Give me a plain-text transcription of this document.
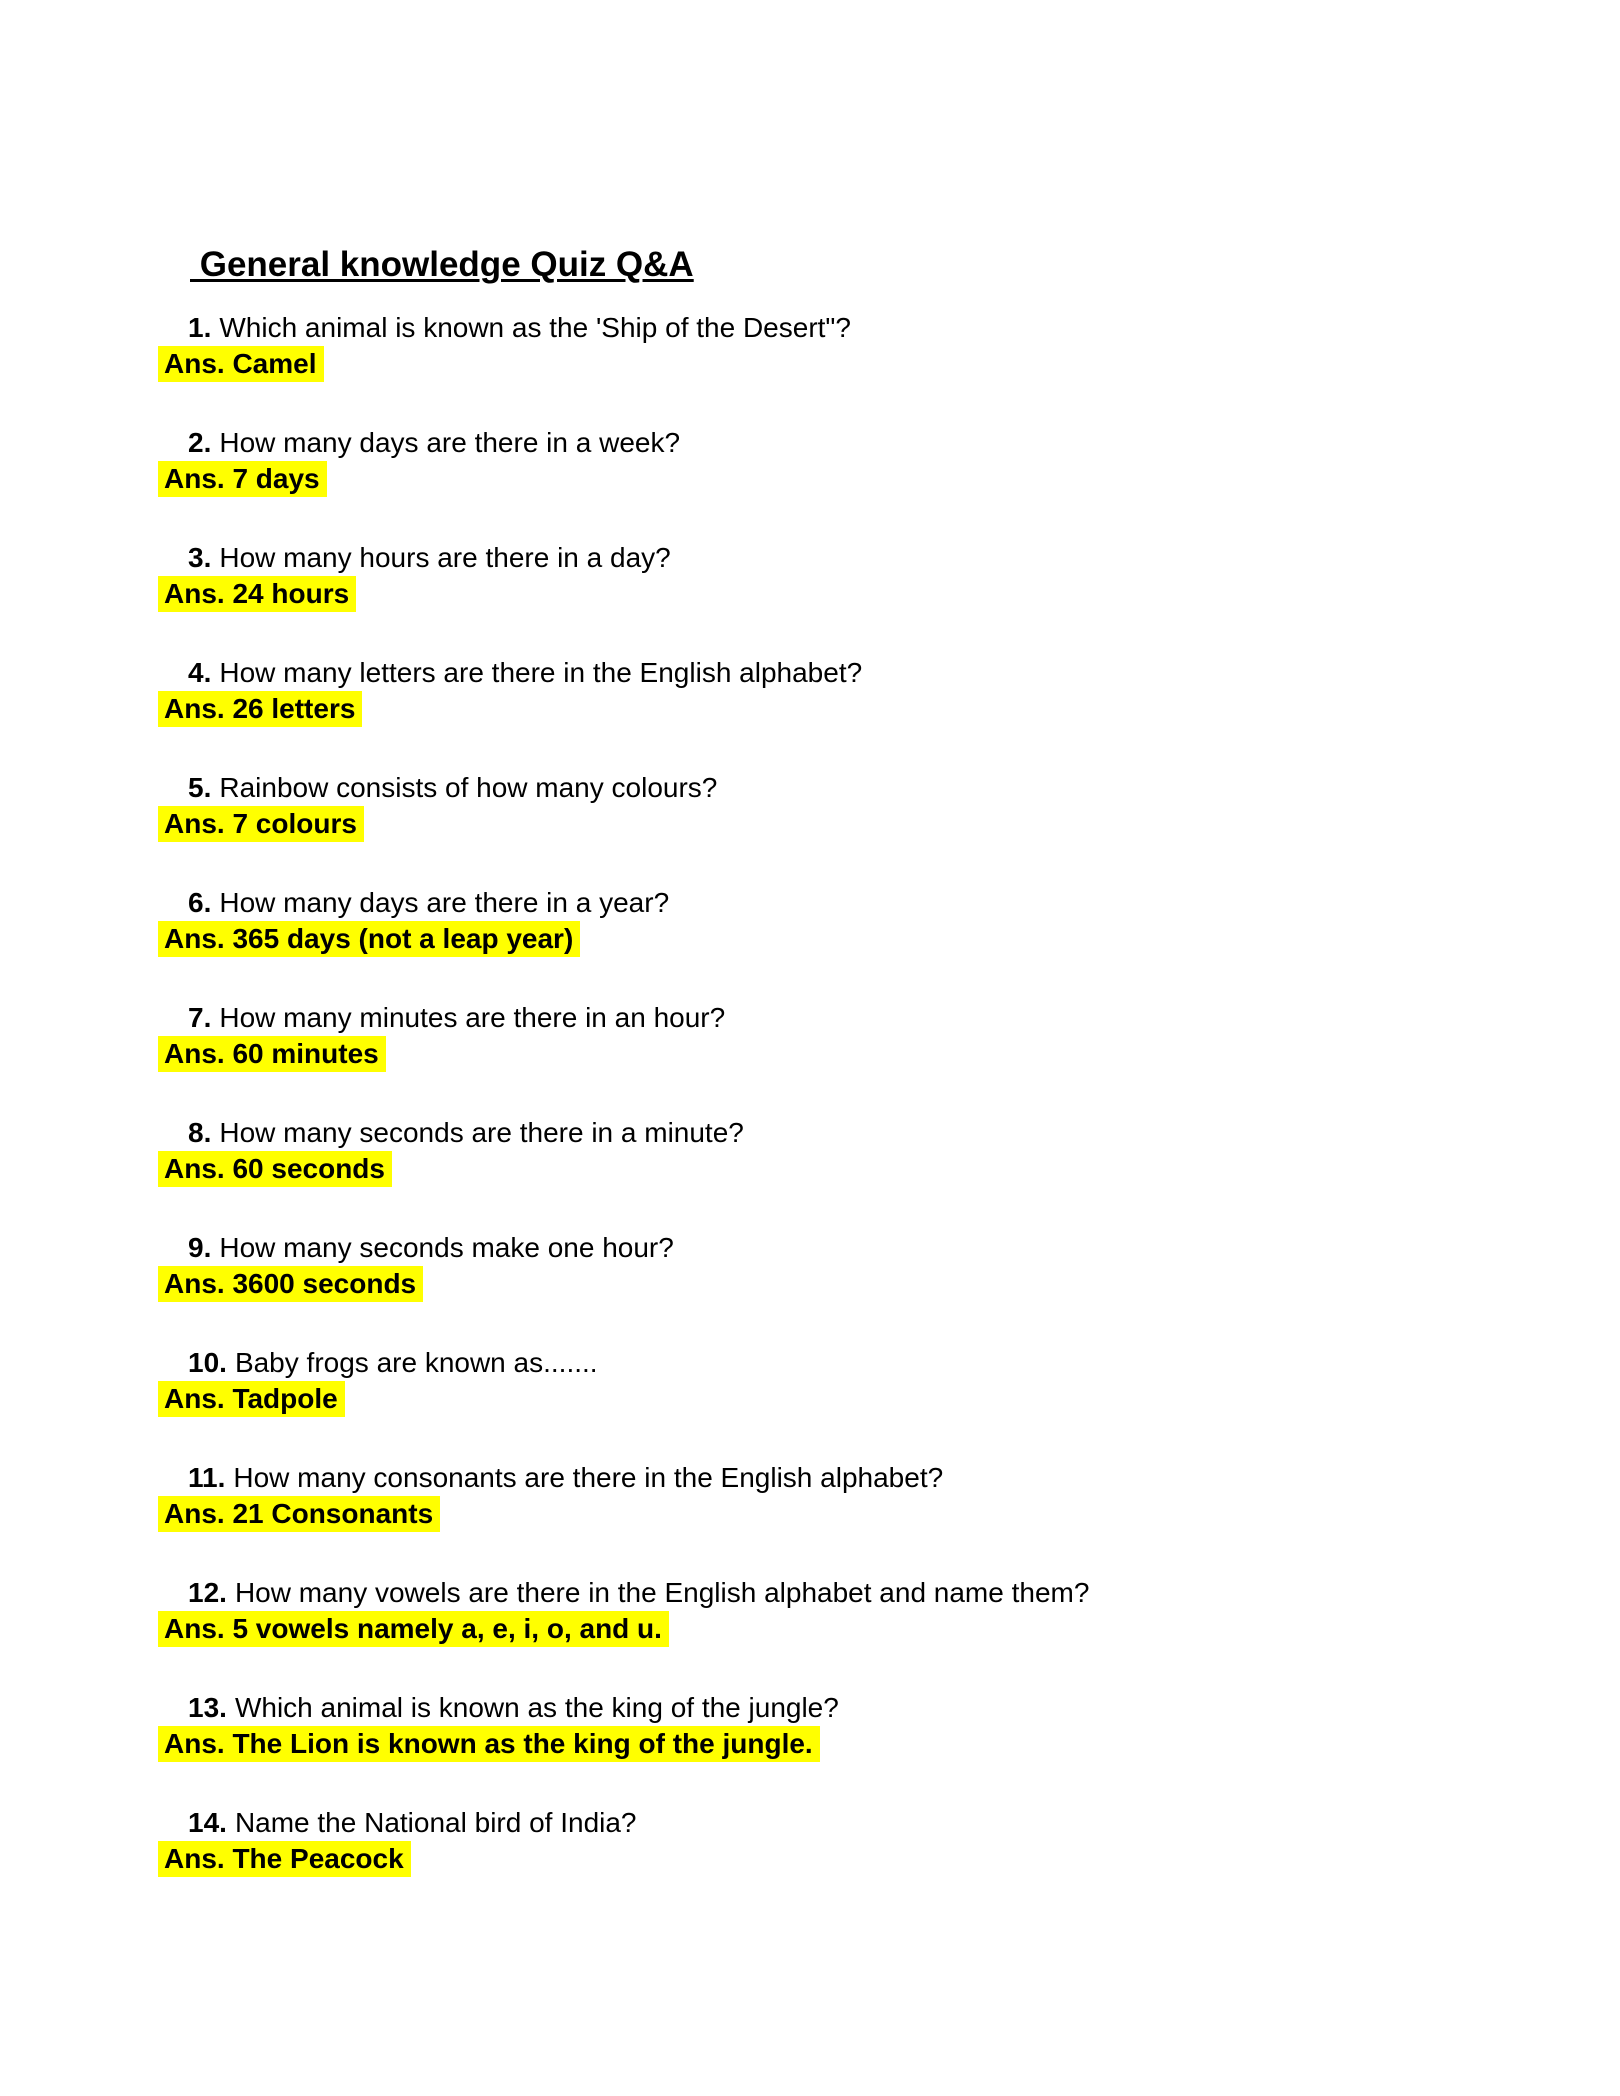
General knowledge Quiz Q&A

1. Which animal is known as the 'Ship of the Desert"?

Ans. Camel

2. How many days are there in a week?

Ans. 7 days

3. How many hours are there in a day?

Ans. 24 hours

4. How many letters are there in the English alphabet?

Ans. 26 letters

5. Rainbow consists of how many colours?

Ans. 7 colours

6. How many days are there in a year?

Ans. 365 days (not a leap year)

7. How many minutes are there in an hour?

Ans. 60 minutes

8. How many seconds are there in a minute?

Ans. 60 seconds

9. How many seconds make one hour?

Ans. 3600 seconds

10. Baby frogs are known as.......

Ans. Tadpole

11. How many consonants are there in the English alphabet?

Ans. 21 Consonants

12. How many vowels are there in the English alphabet and name them?

Ans. 5 vowels namely a, e, i, o, and u.

13. Which animal is known as the king of the jungle?

Ans. The Lion is known as the king of the jungle.

14. Name the National bird of India?

Ans. The Peacock
